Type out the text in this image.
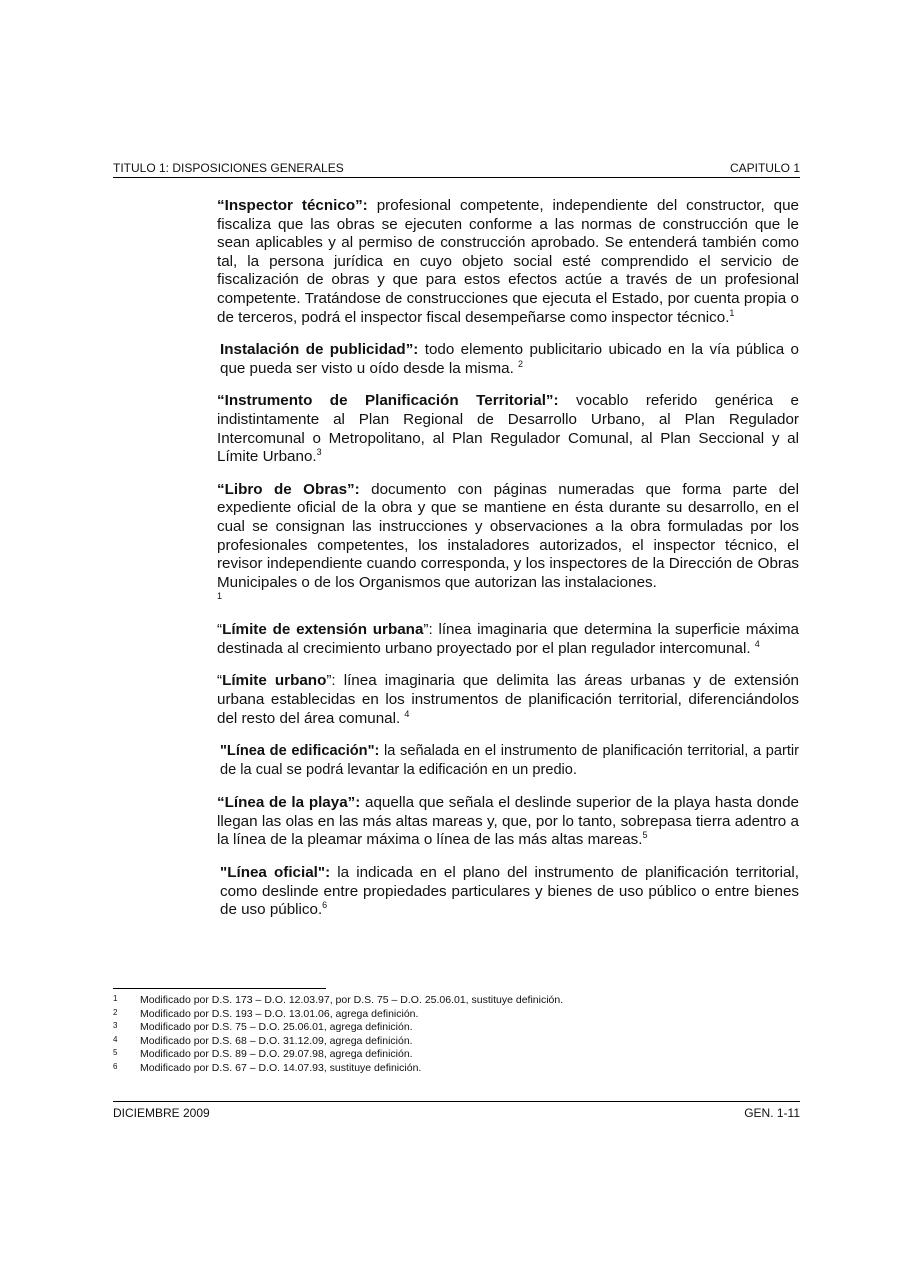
TITULO 1: DISPOSICIONES GENERALES	CAPITULO 1

“Inspector técnico”: profesional competente, independiente del constructor, que fiscaliza que las obras se ejecuten conforme a las normas de construcción que le sean aplicables y al permiso de construcción aprobado. Se entenderá también como tal, la persona jurídica en cuyo objeto social esté comprendido el servicio de fiscalización de obras y que para estos efectos actúe a través de un profesional competente. Tratándose de construcciones que ejecuta el Estado, por cuenta propia o de terceros, podrá el inspector fiscal desempeñarse como inspector técnico.$^1$

Instalación de publicidad”: todo elemento publicitario ubicado en la vía pública o que pueda ser visto u oído desde la misma. $^2$

“Instrumento de Planificación Territorial”: vocablo referido genérica e indistintamente al Plan Regional de Desarrollo Urbano, al Plan Regulador Intercomunal o Metropolitano, al Plan Regulador Comunal, al Plan Seccional y al Límite Urbano.$^3$

“Libro de Obras”: documento con páginas numeradas que forma parte del expediente oficial de la obra y que se mantiene en ésta durante su desarrollo, en el cual se consignan las instrucciones y observaciones a la obra formuladas por los profesionales competentes, los instaladores autorizados, el inspector técnico, el revisor independiente cuando corresponda, y los inspectores de la Dirección de Obras Municipales o de los Organismos que autorizan las instalaciones.
1

“Límite de extensión urbana”: línea imaginaria que determina la superficie máxima destinada al crecimiento urbano proyectado por el plan regulador intercomunal. $^4$

“Límite urbano”: línea imaginaria que delimita las áreas urbanas y de extensión urbana establecidas en los instrumentos de planificación territorial, diferenciándolos del resto del área comunal. $^4$

"Línea de edificación": la señalada en el instrumento de planificación territorial, a partir de la cual se podrá levantar la edificación en un predio.

“Línea de la playa”: aquella que señala el deslinde superior de la playa hasta donde llegan las olas en las más altas mareas y, que, por lo tanto, sobrepasa tierra adentro a la línea de la pleamar máxima o línea de las más altas mareas.$^5$

"Línea oficial": la indicada en el plano del instrumento de planificación territorial, como deslinde entre propiedades particulares y bienes de uso público o entre bienes de uso público.$^6$

1	Modificado por D.S. 173 – D.O. 12.03.97, por D.S. 75 – D.O. 25.06.01, sustituye definición.
2	Modificado por D.S. 193 – D.O. 13.01.06, agrega definición.
3	Modificado por D.S. 75 – D.O. 25.06.01, agrega definición.
4	Modificado por D.S. 68 – D.O. 31.12.09, agrega definición.
5	Modificado por D.S. 89 – D.O. 29.07.98, agrega definición.
6	Modificado por D.S. 67 – D.O. 14.07.93, sustituye definición.
DICIEMBRE 2009	GEN. 1-11
